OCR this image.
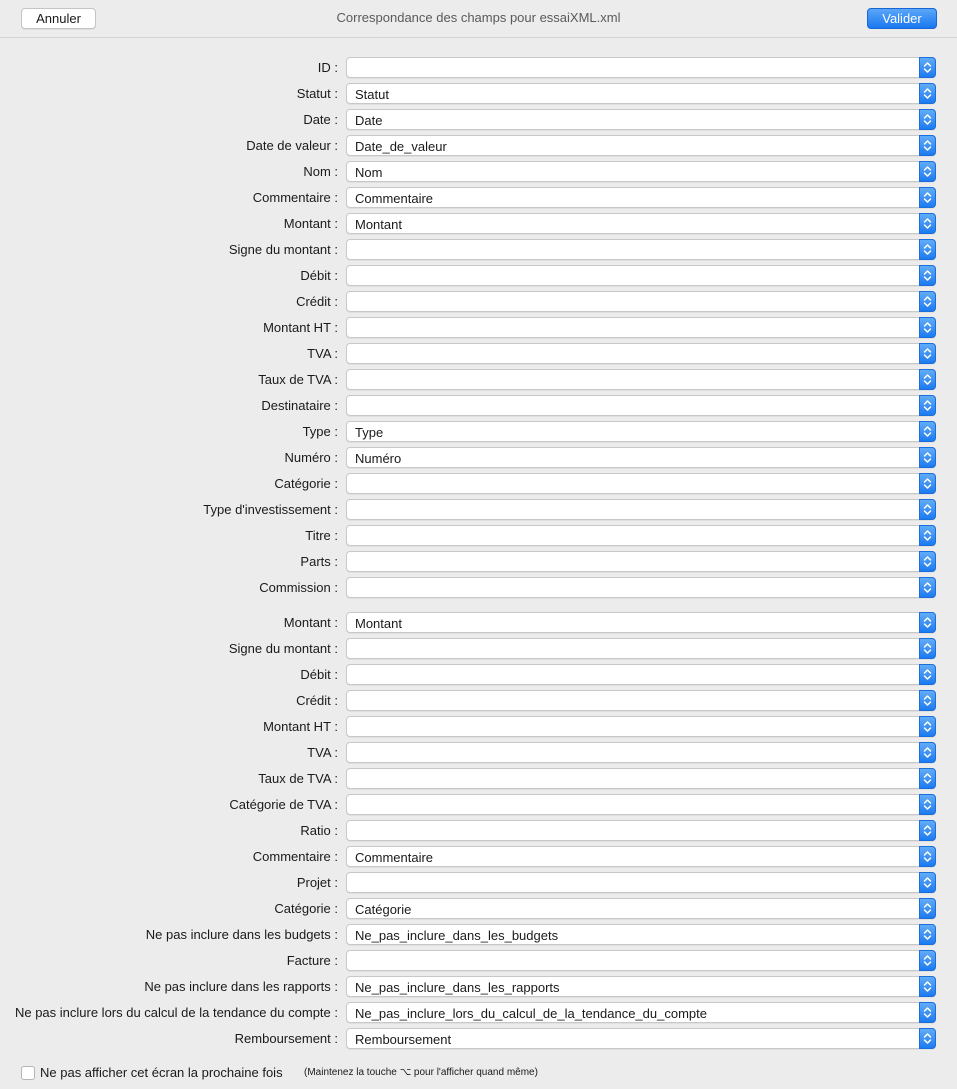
Annuler	Correspondance des champs pour essaiXML.xml	Valider
ID :
Statut : Statut
Date : Date
Date de valeur : Date_de_valeur
Nom : Nom
Commentaire : Commentaire
Montant : Montant
Signe du montant :
Débit :
Crédit :
Montant HT :
TVA :
Taux de TVA :
Destinataire :
Type : Type
Numéro : Numéro
Catégorie :
Type d'investissement :
Titre :
Parts :
Commission :
Montant : Montant
Signe du montant :
Débit :
Crédit :
Montant HT :
TVA :
Taux de TVA :
Catégorie de TVA :
Ratio :
Commentaire : Commentaire
Projet :
Catégorie : Catégorie
Ne pas inclure dans les budgets : Ne_pas_inclure_dans_les_budgets
Facture :
Ne pas inclure dans les rapports : Ne_pas_inclure_dans_les_rapports
Ne pas inclure lors du calcul de la tendance du compte : Ne_pas_inclure_lors_du_calcul_de_la_tendance_du_compte
Remboursement : Remboursement
Ne pas afficher cet écran la prochaine fois (Maintenez la touche ⌥ pour l'afficher quand même)
